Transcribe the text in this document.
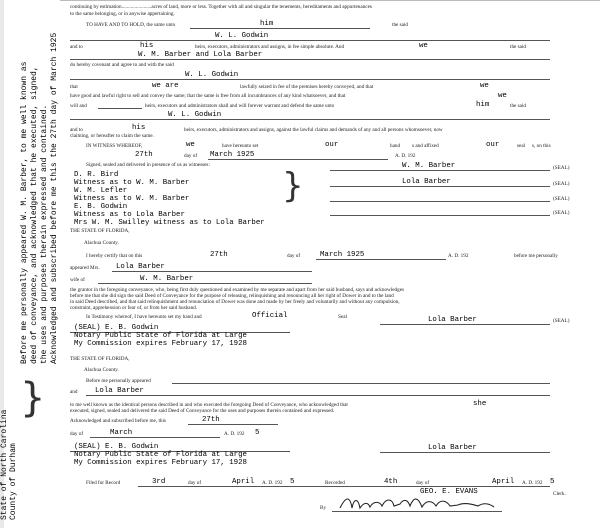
State of North Carolina County of Durham
}
Before me personally appeared W. M. Barber, to me well known as deed of conveyance, and acknowledged that he executed, signed, the uses and purposes therein expressed and contained. Acknowledged and subscribed before me this the 27th day of March 1925
continuing by estimation.......................acres of land, more or less. Together with all and singular the tenements, hereditaments and appurtenances
to the same belonging, or in anywise appertaining.
TO HAVE AND TO HOLD, the same unto	him	the said
W. L. Godwin
and to	his	heirs, executors, administrators and assigns, in fee simple absolute. And	we	the said
W. M. Barber and Lola Barber
do hereby covenant and agree to and with the said
W. L. Godwin
that	we are	lawfully seized in fee of the premises hereby conveyed, and that	we
have good and lawful right to sell and convey the same; that the same is free from all incumbrances of any kind whatsoever, and that	we
will and	heirs, executors and administrators shall and will forever warrant and defend the same unto	him	the said
W. L. Godwin
and to	his	heirs, executors, administrators and assigns, against the lawful claims and demands of any and all persons whomsoever, now
claiming, or hereafter to claim the same.
IN WITNESS WHEREOF,	we	have hereunto set	our	hand s and affixed	our	seal s, on this
27th	day of March 1925	A. D. 192
Signed, sealed and delivered in presence of us as witnesses:
D. R. Bird
Witness as to W. M. Barber
W. M. Lefler
Witness as to W. M. Barber
E. B. Godwin
Witness as to Lola Barber
Mrs W. M. Swilley witness as to Lola Barber
}	W. M. Barber	(SEAL)
Lola Barber	(SEAL)
(SEAL)
(SEAL)
THE STATE OF FLORIDA,
Alachua County.
I hereby certify that on this	27th	day of	March 1925	A. D. 192	before me personally
appeared Mrs. Lola Barber
wife of	W. M. Barber
the grantor in the foregoing conveyance, who, being first duly questioned and examined by me separate and apart from her said husband, says and acknowledges
before me that she did sign the said Deed of Conveyance for the purpose of releasing, relinquishing and renouncing all her right of Dower in and to the land
in said Deed described, and that said relinquishment and renunciation of Dower was done and made by her freely and voluntarily and without any compulsion,
constraint, apprehension or fear of, or from her said husband.
In Testimony whereof, I have hereunto set my hand and	Official	Seal
(SEAL) E. B. Godwin
Notary Public State of Florida at Large
My Commission expires February 17, 1928
Lola Barber	(SEAL)
THE STATE OF FLORIDA,
Alachua County.
Before me personally appeared
and Lola Barber
to me well known as the identical persons described in and who executed the foregoing Deed of Conveyance, who acknowledged that	she
executed, signed, sealed and delivered the said Deed of Conveyance for the uses and purposes therein contained and expressed.
Acknowledged and subscribed before me, this	27th
day of	March	A. D. 192 5
(SEAL) E. B. Godwin
Notary Public State of Florida at Large
My Commission expires February 17, 1928
Lola Barber
Filed for Record	3rd	day of	April A. D. 192 5	Recorded	4th	day of	April A. D. 192 5
GEO. E. EVANS	Clerk.
By
